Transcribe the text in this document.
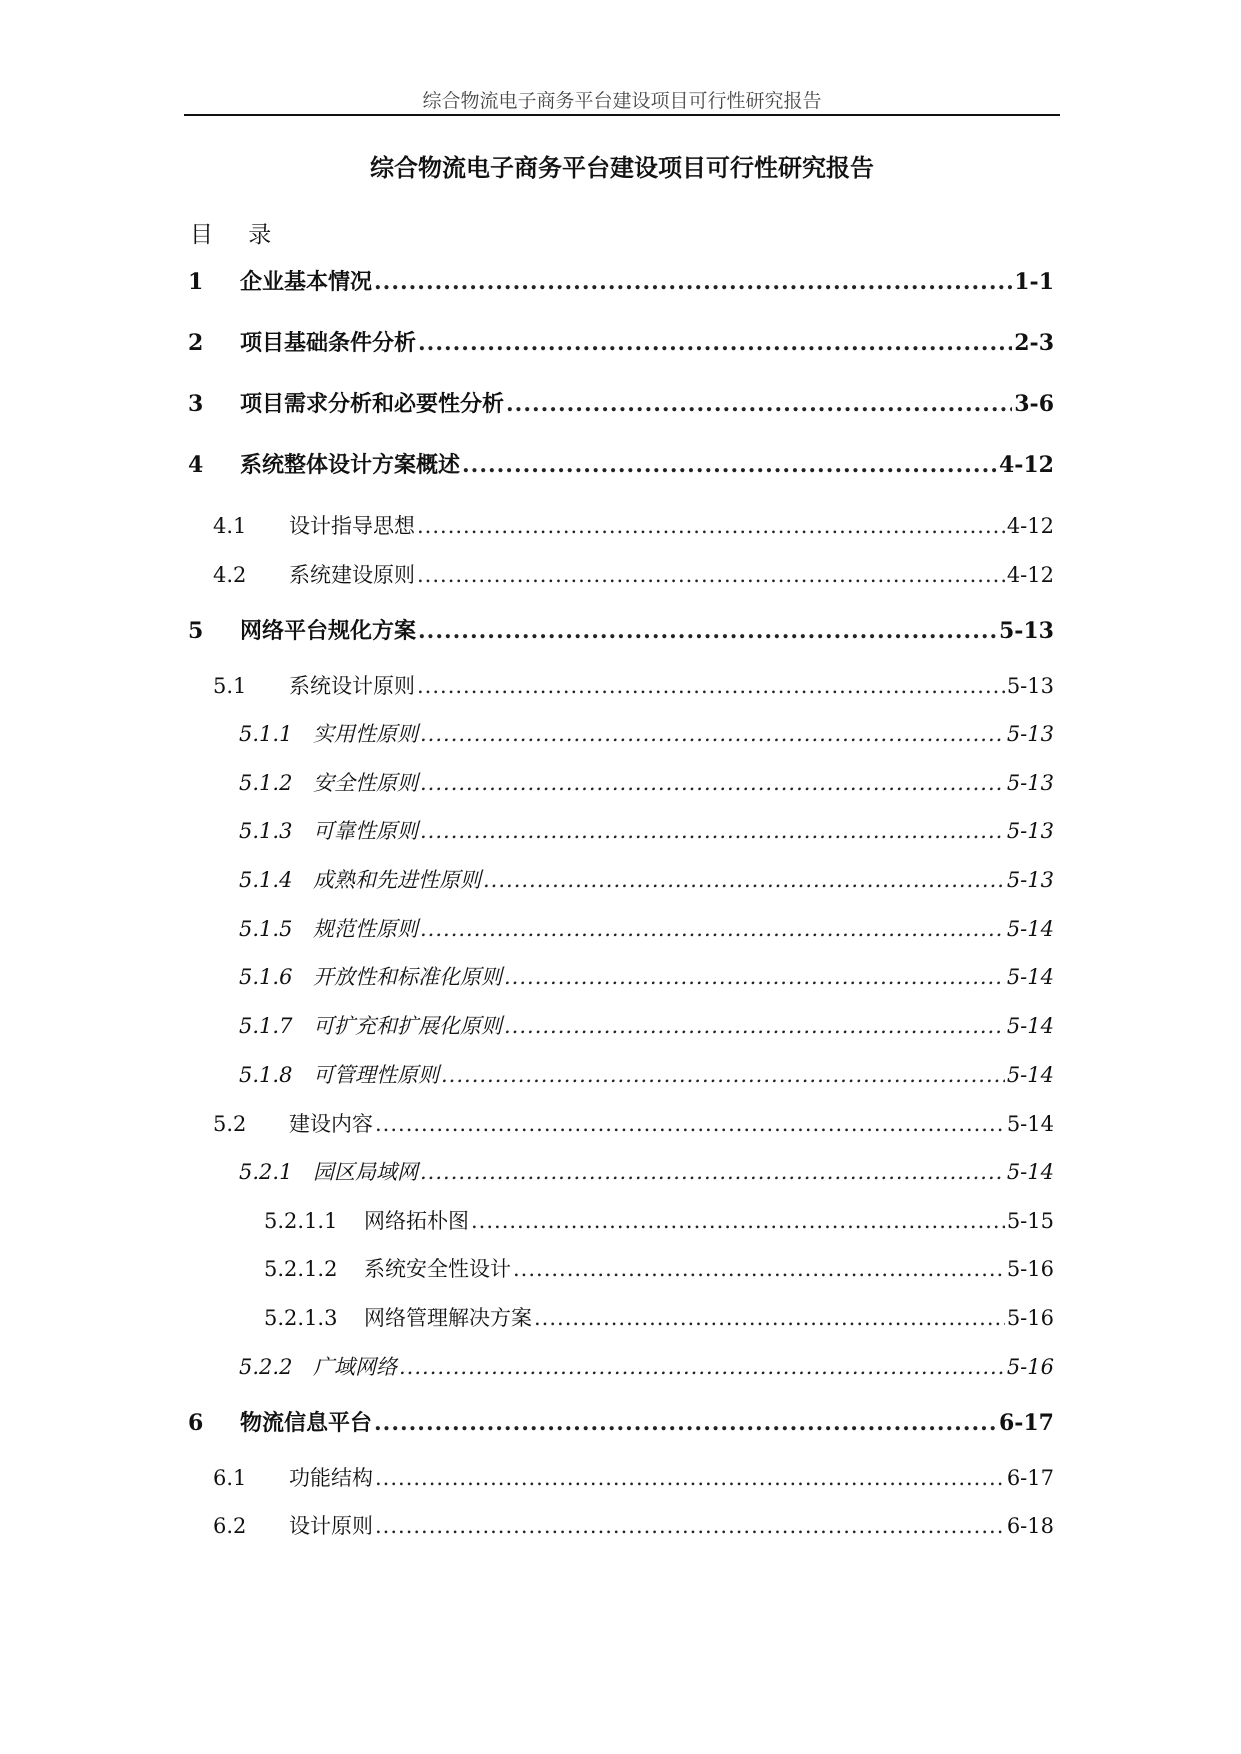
综合物流电子商务平台建设项目可行性研究报告
综合物流电子商务平台建设项目可行性研究报告
目 录
1	企业基本情况 .....	1-1
2	项目基础条件分析 .....	2-3
3	项目需求分析和必要性分析 .....	3-6
4	系统整体设计方案概述 .....	4-12
4.1	设计指导思想 .....	4-12
4.2	系统建设原则 .....	4-12
5	网络平台规化方案 .....	5-13
5.1	系统设计原则 .....	5-13
5.1.1 实用性原则 .....	5-13
5.1.2 安全性原则 .....	5-13
5.1.3 可靠性原则 .....	5-13
5.1.4 成熟和先进性原则 .....	5-13
5.1.5 规范性原则 .....	5-14
5.1.6 开放性和标准化原则 .....	5-14
5.1.7 可扩充和扩展化原则 .....	5-14
5.1.8 可管理性原则 .....	5-14
5.2	建设内容 .....	5-14
5.2.1 园区局域网 .....	5-14
5.2.1.1	网络拓朴图 .....	5-15
5.2.1.2	系统安全性设计 .....	5-16
5.2.1.3	网络管理解决方案 .....	5-16
5.2.2 广域网络 .....	5-16
6	物流信息平台 .....	6-17
6.1	功能结构 .....	6-17
6.2	设计原则 .....	6-18
